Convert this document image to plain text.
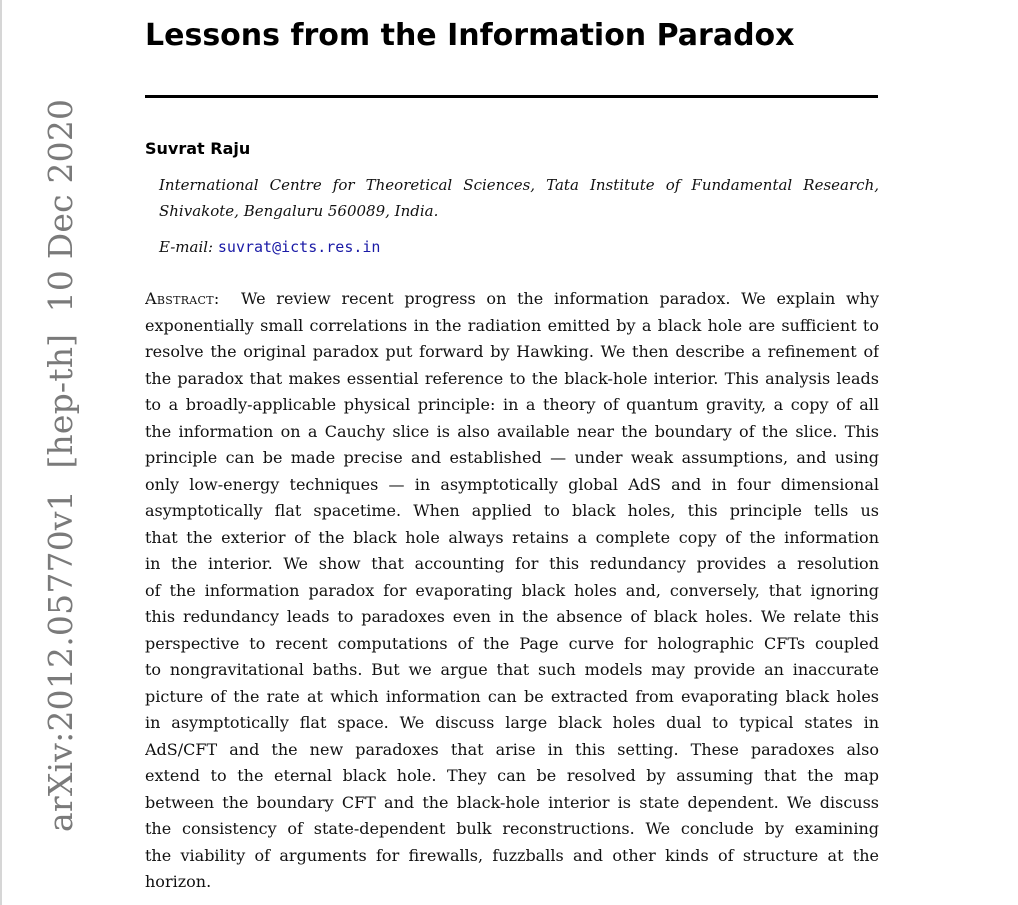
arXiv:2012.05770v1  [hep-th]  10 Dec 2020
Lessons from the Information Paradox
Suvrat Raju
International Centre for Theoretical Sciences, Tata Institute of Fundamental Research, Shivakote, Bengaluru 560089, India.
E-mail: suvrat@icts.res.in
Abstract: We review recent progress on the information paradox. We explain why
exponentially small correlations in the radiation emitted by a black hole are sufficient to
resolve the original paradox put forward by Hawking. We then describe a refinement of
the paradox that makes essential reference to the black-hole interior. This analysis leads
to a broadly-applicable physical principle: in a theory of quantum gravity, a copy of all
the information on a Cauchy slice is also available near the boundary of the slice. This
principle can be made precise and established — under weak assumptions, and using
only low-energy techniques — in asymptotically global AdS and in four dimensional
asymptotically flat spacetime. When applied to black holes, this principle tells us
that the exterior of the black hole always retains a complete copy of the information
in the interior. We show that accounting for this redundancy provides a resolution
of the information paradox for evaporating black holes and, conversely, that ignoring
this redundancy leads to paradoxes even in the absence of black holes. We relate this
perspective to recent computations of the Page curve for holographic CFTs coupled
to nongravitational baths. But we argue that such models may provide an inaccurate
picture of the rate at which information can be extracted from evaporating black holes
in asymptotically flat space. We discuss large black holes dual to typical states in
AdS/CFT and the new paradoxes that arise in this setting. These paradoxes also
extend to the eternal black hole. They can be resolved by assuming that the map
between the boundary CFT and the black-hole interior is state dependent. We discuss
the consistency of state-dependent bulk reconstructions. We conclude by examining
the viability of arguments for firewalls, fuzzballs and other kinds of structure at the
horizon.
